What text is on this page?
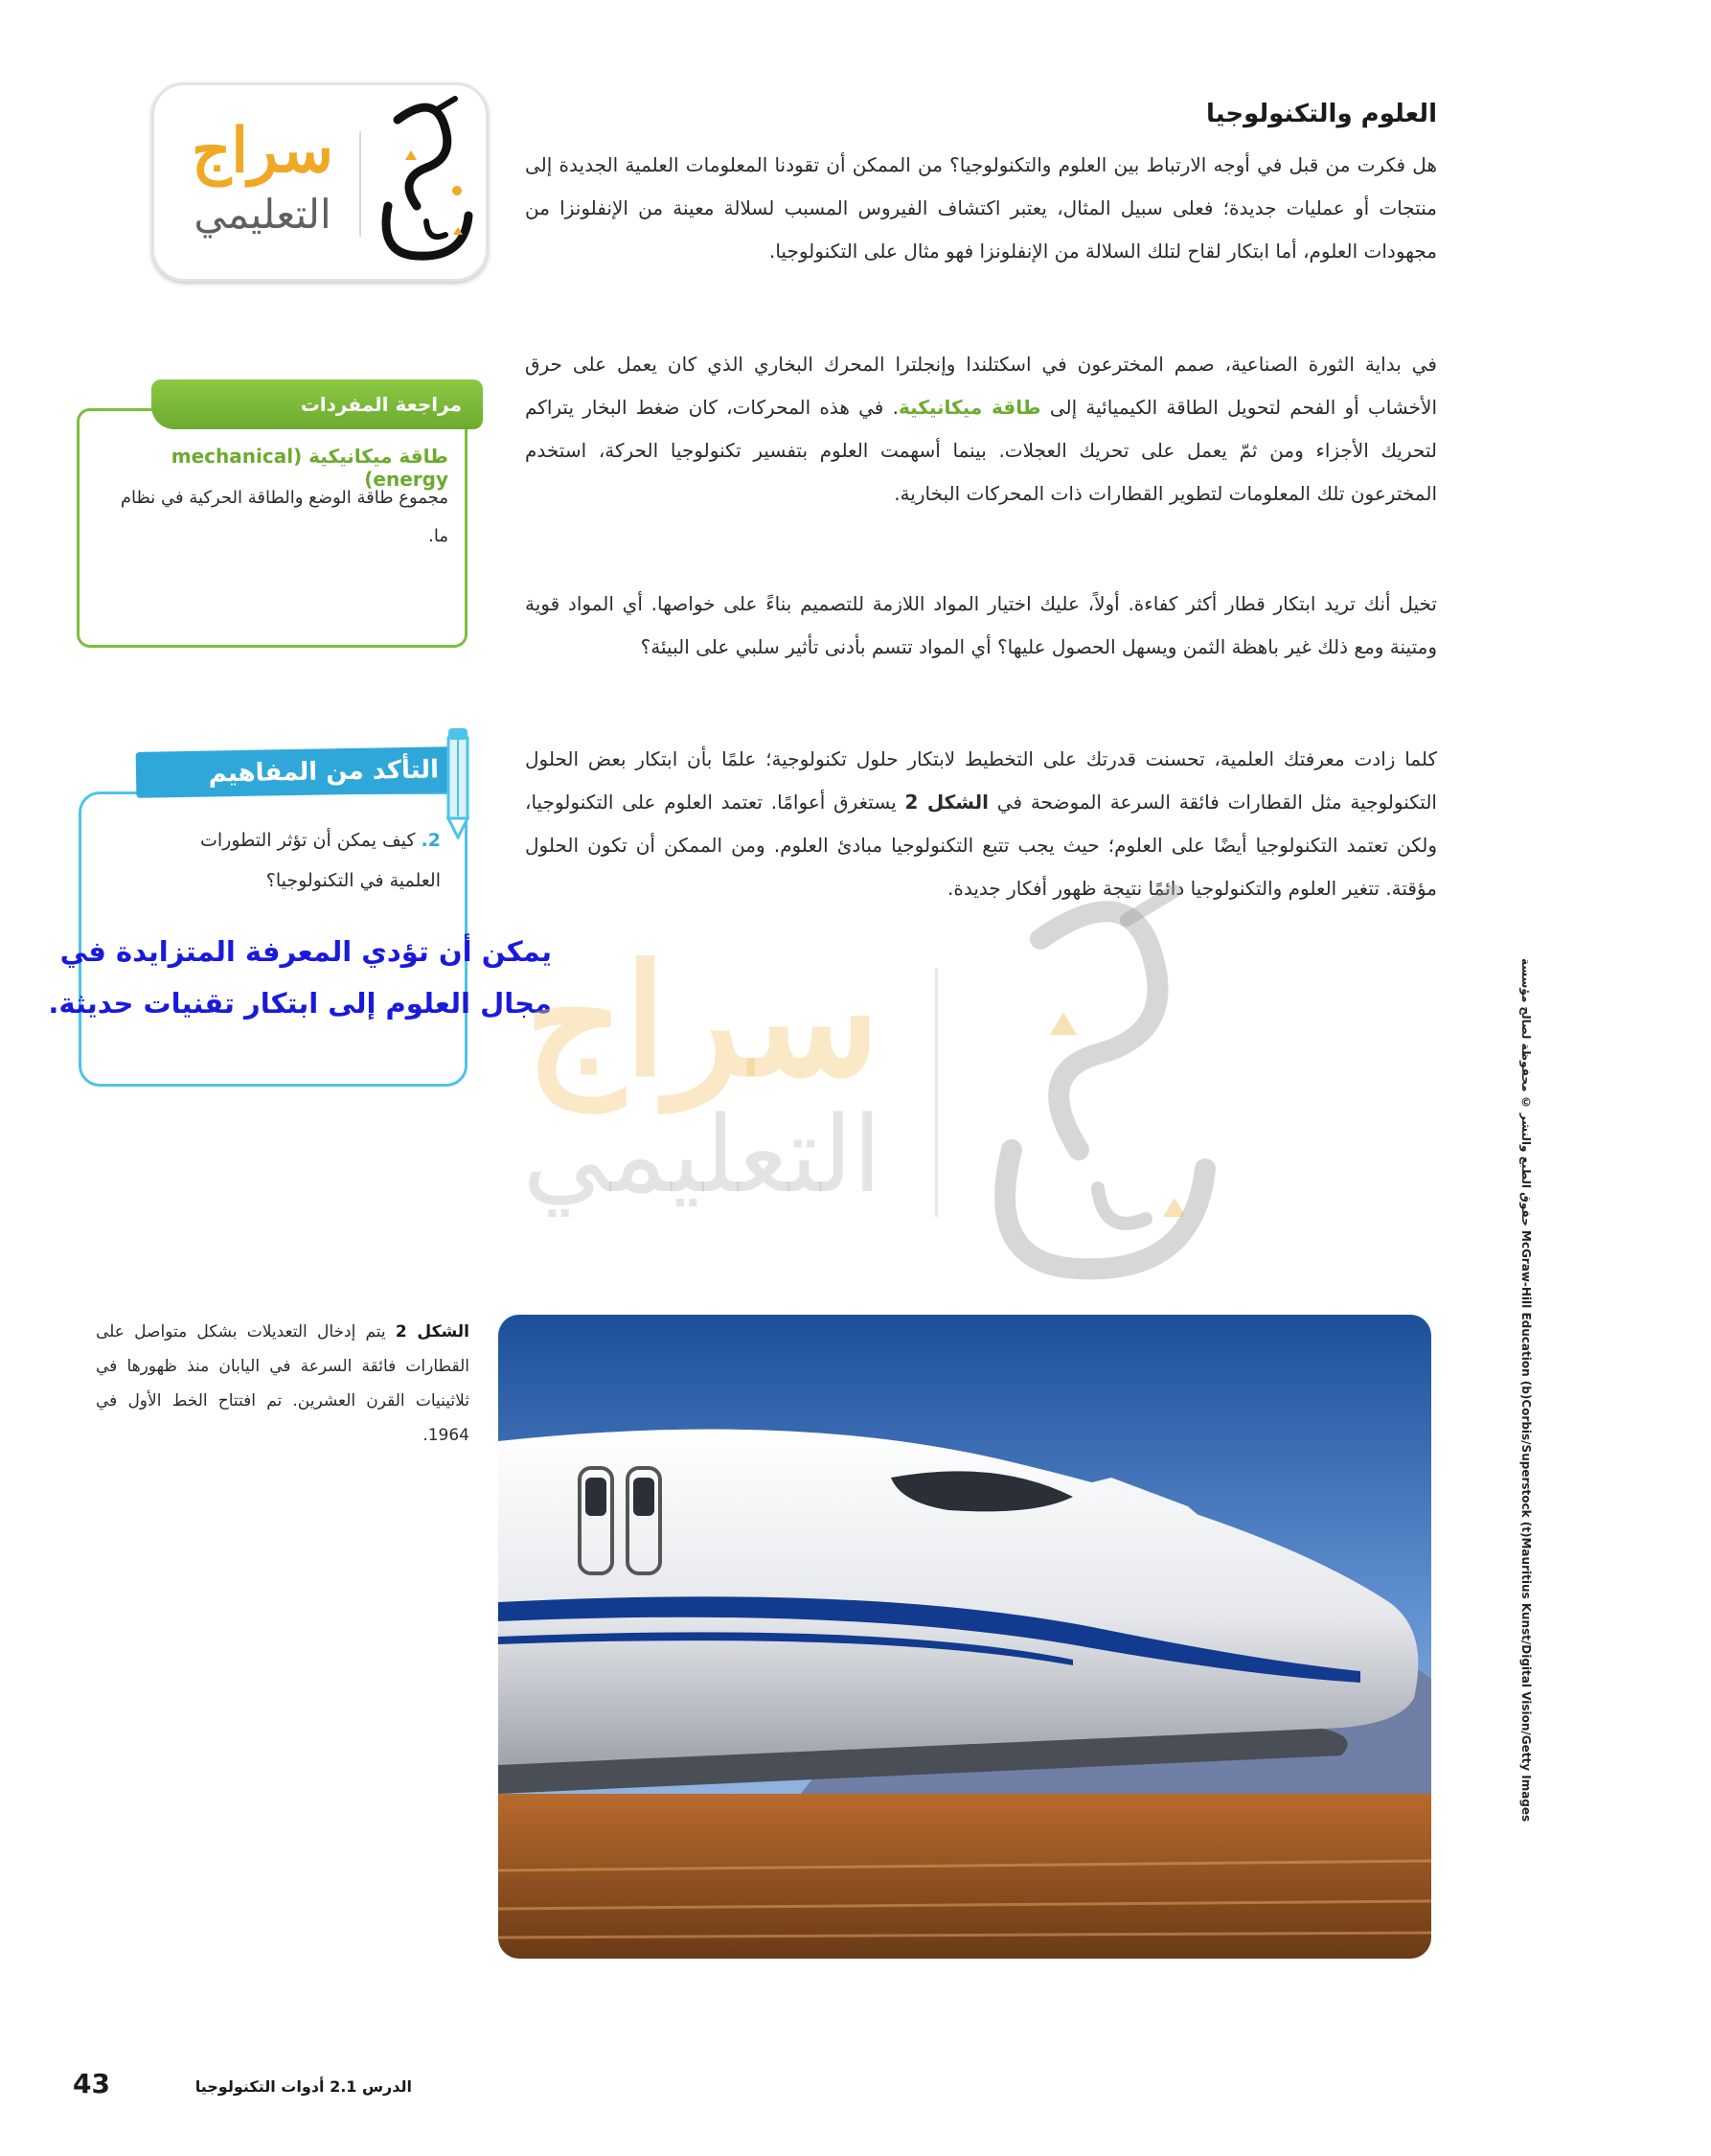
سراج
التعليمي
العلوم والتكنولوجيا

هل فكرت من قبل في أوجه الارتباط بين العلوم والتكنولوجيا؟ من الممكن أن تقودنا المعلومات العلمية الجديدة إلى منتجات أو عمليات جديدة؛ فعلى سبيل المثال، يعتبر اكتشاف الفيروس المسبب لسلالة معينة من الإنفلونزا من مجهودات العلوم، أما ابتكار لقاح لتلك السلالة من الإنفلونزا فهو مثال على التكنولوجيا.

في بداية الثورة الصناعية، صمم المخترعون في اسكتلندا وإنجلترا المحرك البخاري الذي كان يعمل على حرق الأخشاب أو الفحم لتحويل الطاقة الكيميائية إلى طاقة ميكانيكية. في هذه المحركات، كان ضغط البخار يتراكم لتحريك الأجزاء ومن ثمّ يعمل على تحريك العجلات. بينما أسهمت العلوم بتفسير تكنولوجيا الحركة، استخدم المخترعون تلك المعلومات لتطوير القطارات ذات المحركات البخارية.

تخيل أنك تريد ابتكار قطار أكثر كفاءة. أولاً، عليك اختيار المواد اللازمة للتصميم بناءً على خواصها. أي المواد قوية ومتينة ومع ذلك غير باهظة الثمن ويسهل الحصول عليها؟ أي المواد تتسم بأدنى تأثير سلبي على البيئة؟

كلما زادت معرفتك العلمية، تحسنت قدرتك على التخطيط لابتكار حلول تكنولوجية؛ علمًا بأن ابتكار بعض الحلول التكنولوجية مثل القطارات فائقة السرعة الموضحة في الشكل 2 يستغرق أعوامًا. تعتمد العلوم على التكنولوجيا، ولكن تعتمد التكنولوجيا أيضًا على العلوم؛ حيث يجب تتبع التكنولوجيا مبادئ العلوم. ومن الممكن أن تكون الحلول مؤقتة. تتغير العلوم والتكنولوجيا دائمًا نتيجة ظهور أفكار جديدة.

مراجعة المفردات
طاقة ميكانيكية (mechanical energy)

مجموع طاقة الوضع والطاقة الحركية في نظام ما.

التأكد من المفاهيم الأساسية

2. كيف يمكن أن تؤثر التطورات العلمية في التكنولوجيا؟

يمكن أن تؤدي المعرفة المتزايدة في مجال العلوم إلى ابتكار تقنيات حديثة.

سراج
التعليمي

الشكل 2 يتم إدخال التعديلات بشكل متواصل على القطارات فائقة السرعة في اليابان منذ ظهورها في ثلاثينيات القرن العشرين. تم افتتاح الخط الأول في 1964.

حقوق الطبع والنشر © محفوظة لصالح مؤسسة McGraw-Hill Education (b)Corbis/Superstock (t)Mauritius Kunst/Digital Vision/Getty Images
43	الدرس 2.1 أدوات التكنولوجيا
